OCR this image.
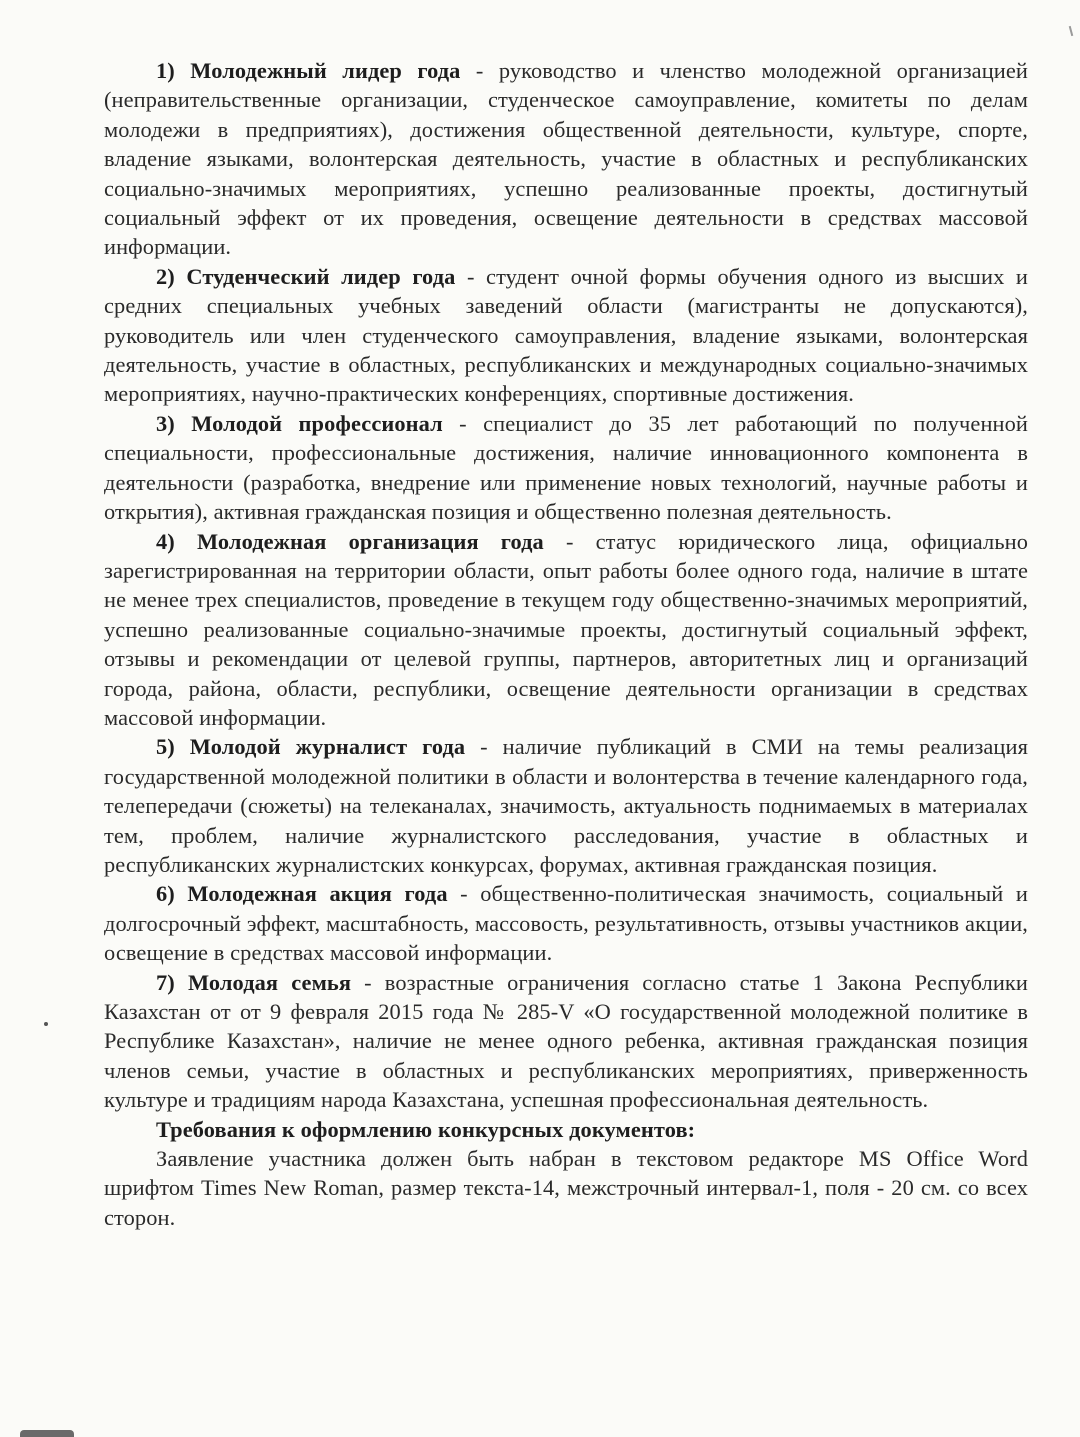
1) Молодежный лидер года - руководство и членство молодежной организацией (неправительственные организации, студенческое самоуправление, комитеты по делам молодежи в предприятиях), достижения общественной деятельности, культуре, спорте, владение языками, волонтерская деятельность, участие в областных и республиканских социально-значимых мероприятиях, успешно реализованные проекты, достигнутый социальный эффект от их проведения, освещение деятельности в средствах массовой информации.

2) Студенческий лидер года - студент очной формы обучения одного из высших и средних специальных учебных заведений области (магистранты не допускаются), руководитель или член студенческого самоуправления, владение языками, волонтерская деятельность, участие в областных, республиканских и международных социально-значимых мероприятиях, научно-практических конференциях, спортивные достижения.

3) Молодой профессионал - специалист до 35 лет работающий по полученной специальности, профессиональные достижения, наличие инновационного компонента в деятельности (разработка, внедрение или применение новых технологий, научные работы и открытия), активная гражданская позиция и общественно полезная деятельность.

4) Молодежная организация года - статус юридического лица, официально зарегистрированная на территории области, опыт работы более одного года, наличие в штате не менее трех специалистов, проведение в текущем году общественно-значимых мероприятий, успешно реализованные социально-значимые проекты, достигнутый социальный эффект, отзывы и рекомендации от целевой группы, партнеров, авторитетных лиц и организаций города, района, области, республики, освещение деятельности организации в средствах массовой информации.

5) Молодой журналист года - наличие публикаций в СМИ на темы реализация государственной молодежной политики в области и волонтерства в течение календарного года, телепередачи (сюжеты) на телеканалах, значимость, актуальность поднимаемых в материалах тем, проблем, наличие журналистского расследования, участие в областных и республиканских журналистских конкурсах, форумах, активная гражданская позиция.

6) Молодежная акция года - общественно-политическая значимость, социальный и долгосрочный эффект, масштабность, массовость, результативность, отзывы участников акции, освещение в средствах массовой информации.

7) Молодая семья - возрастные ограничения согласно статье 1 Закона Республики Казахстан от от 9 февраля 2015 года № 285-V «О государственной молодежной политике в Республике Казахстан», наличие не менее одного ребенка, активная гражданская позиция членов семьи, участие в областных и республиканских мероприятиях, приверженность культуре и традициям народа Казахстана, успешная профессиональная деятельность.

Требования к оформлению конкурсных документов:

Заявление участника должен быть набран в текстовом редакторе MS Office Word шрифтом Times New Roman, размер текста-14, межстрочный интервал-1, поля - 20 см. со всех сторон.
